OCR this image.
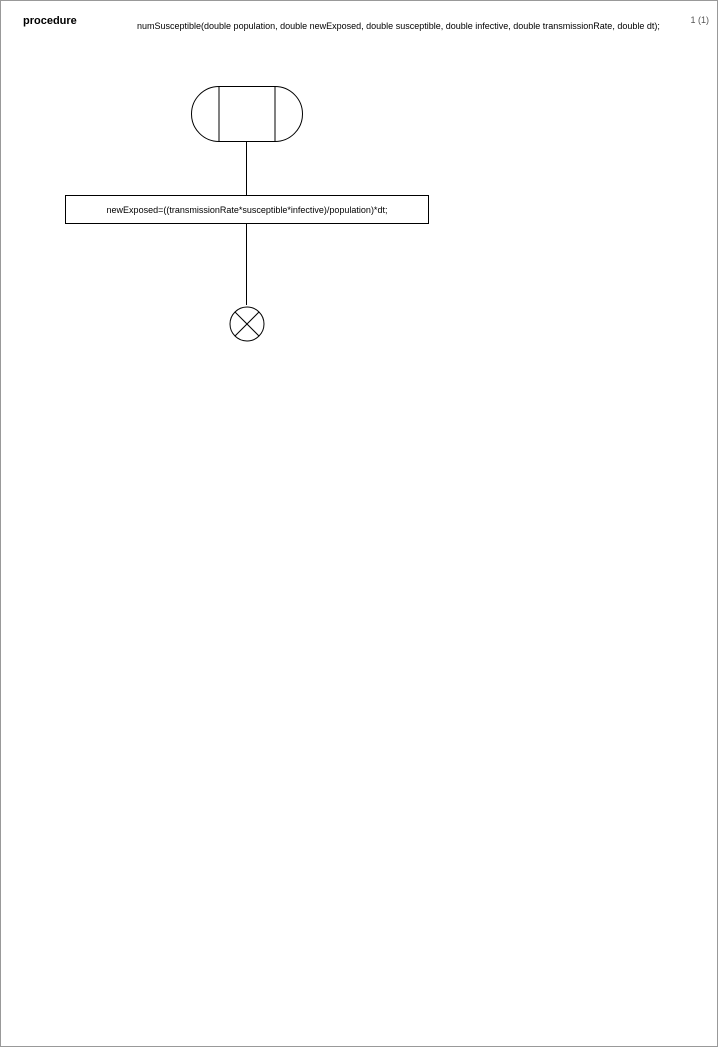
procedure	numSusceptible(double population, double newExposed, double susceptible, double infective, double transmissionRate, double dt);
1 (1)
newExposed=((transmissionRate*susceptible*infective)/population)*dt;
